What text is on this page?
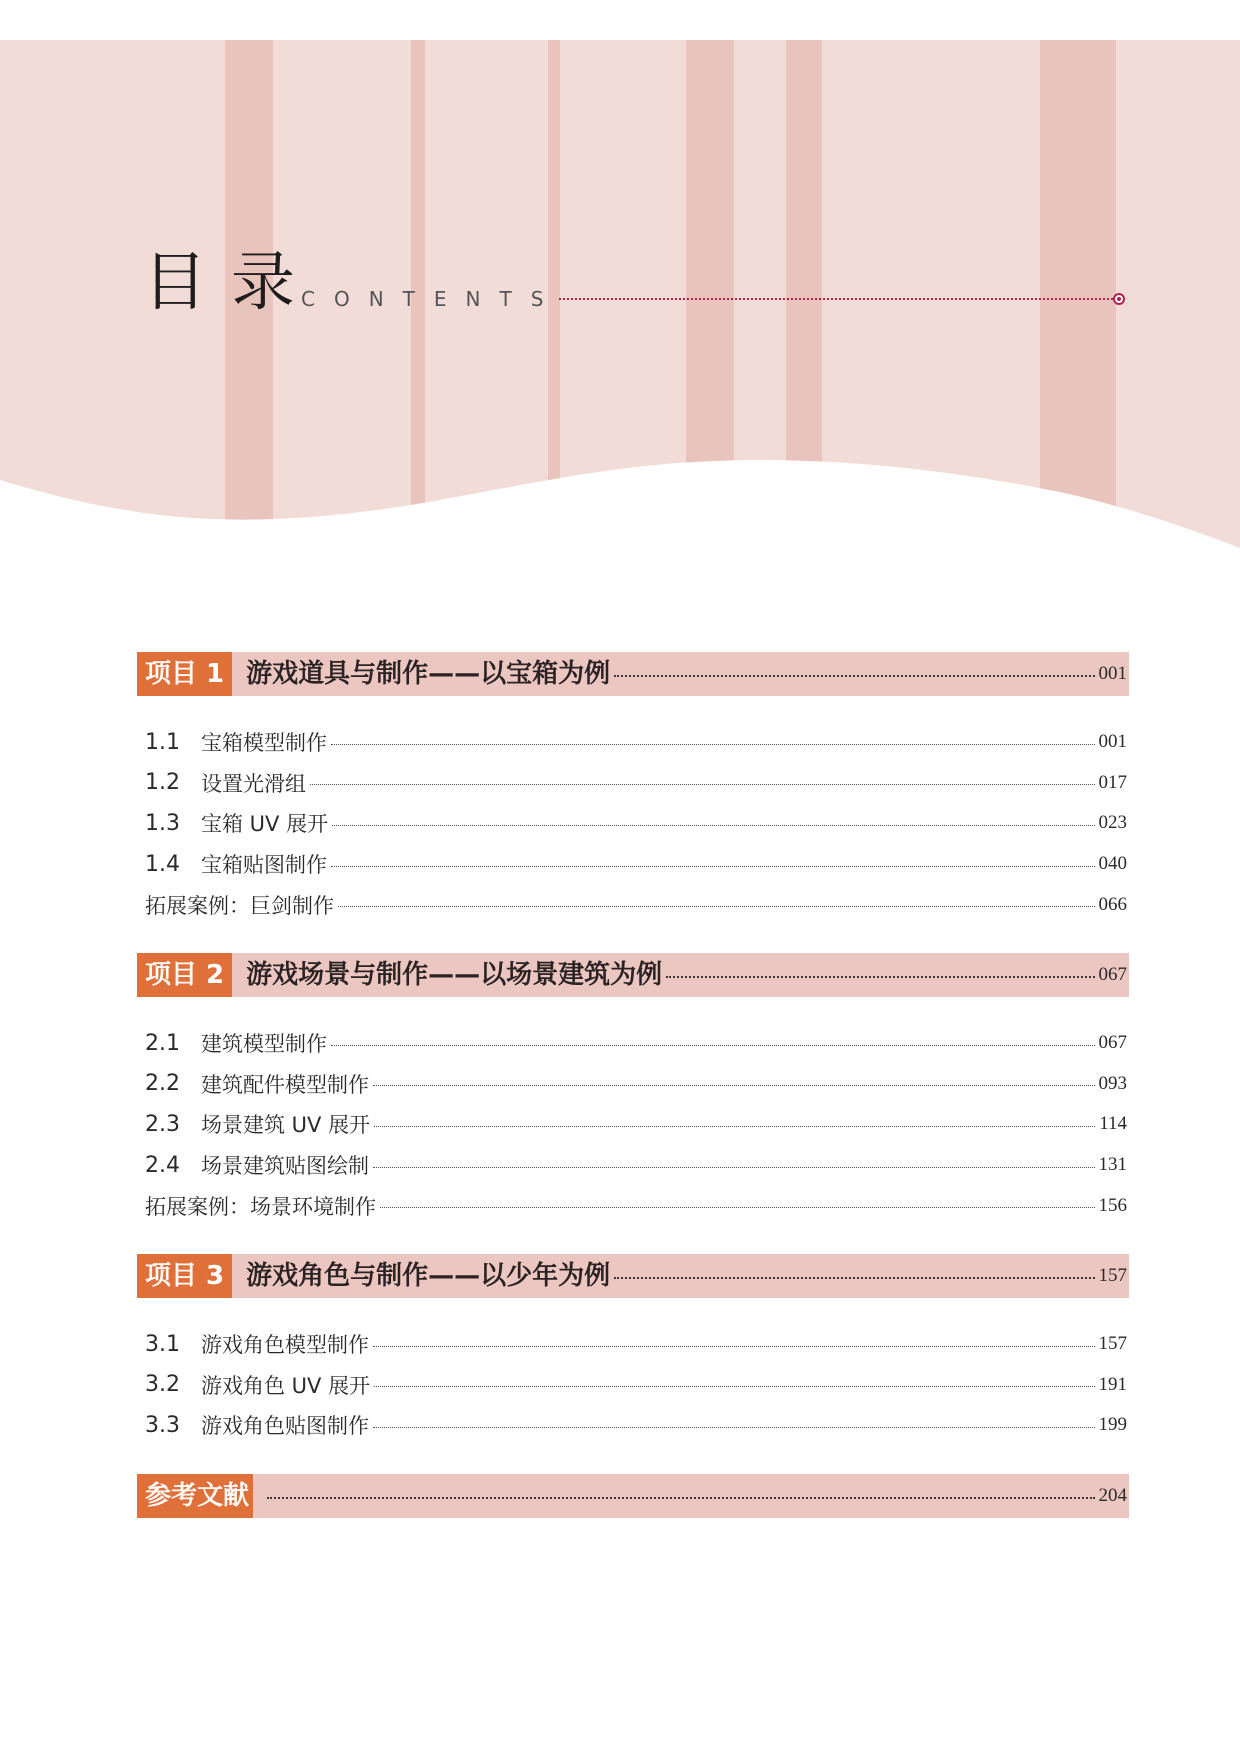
目录
CONTENTS
项目 1 游戏道具与制作——以宝箱为例	001
1.1	宝箱模型制作	001
1.2	设置光滑组	017
1.3	宝箱 UV 展开	023
1.4	宝箱贴图制作	040
拓展案例：巨剑制作	066
项目 2 游戏场景与制作——以场景建筑为例	067
2.1	建筑模型制作	067
2.2	建筑配件模型制作	093
2.3	场景建筑 UV 展开	114
2.4	场景建筑贴图绘制	131
拓展案例：场景环境制作	156
项目 3 游戏角色与制作——以少年为例	157
3.1	游戏角色模型制作	157
3.2	游戏角色 UV 展开	191
3.3	游戏角色贴图制作	199
参考文献	204
